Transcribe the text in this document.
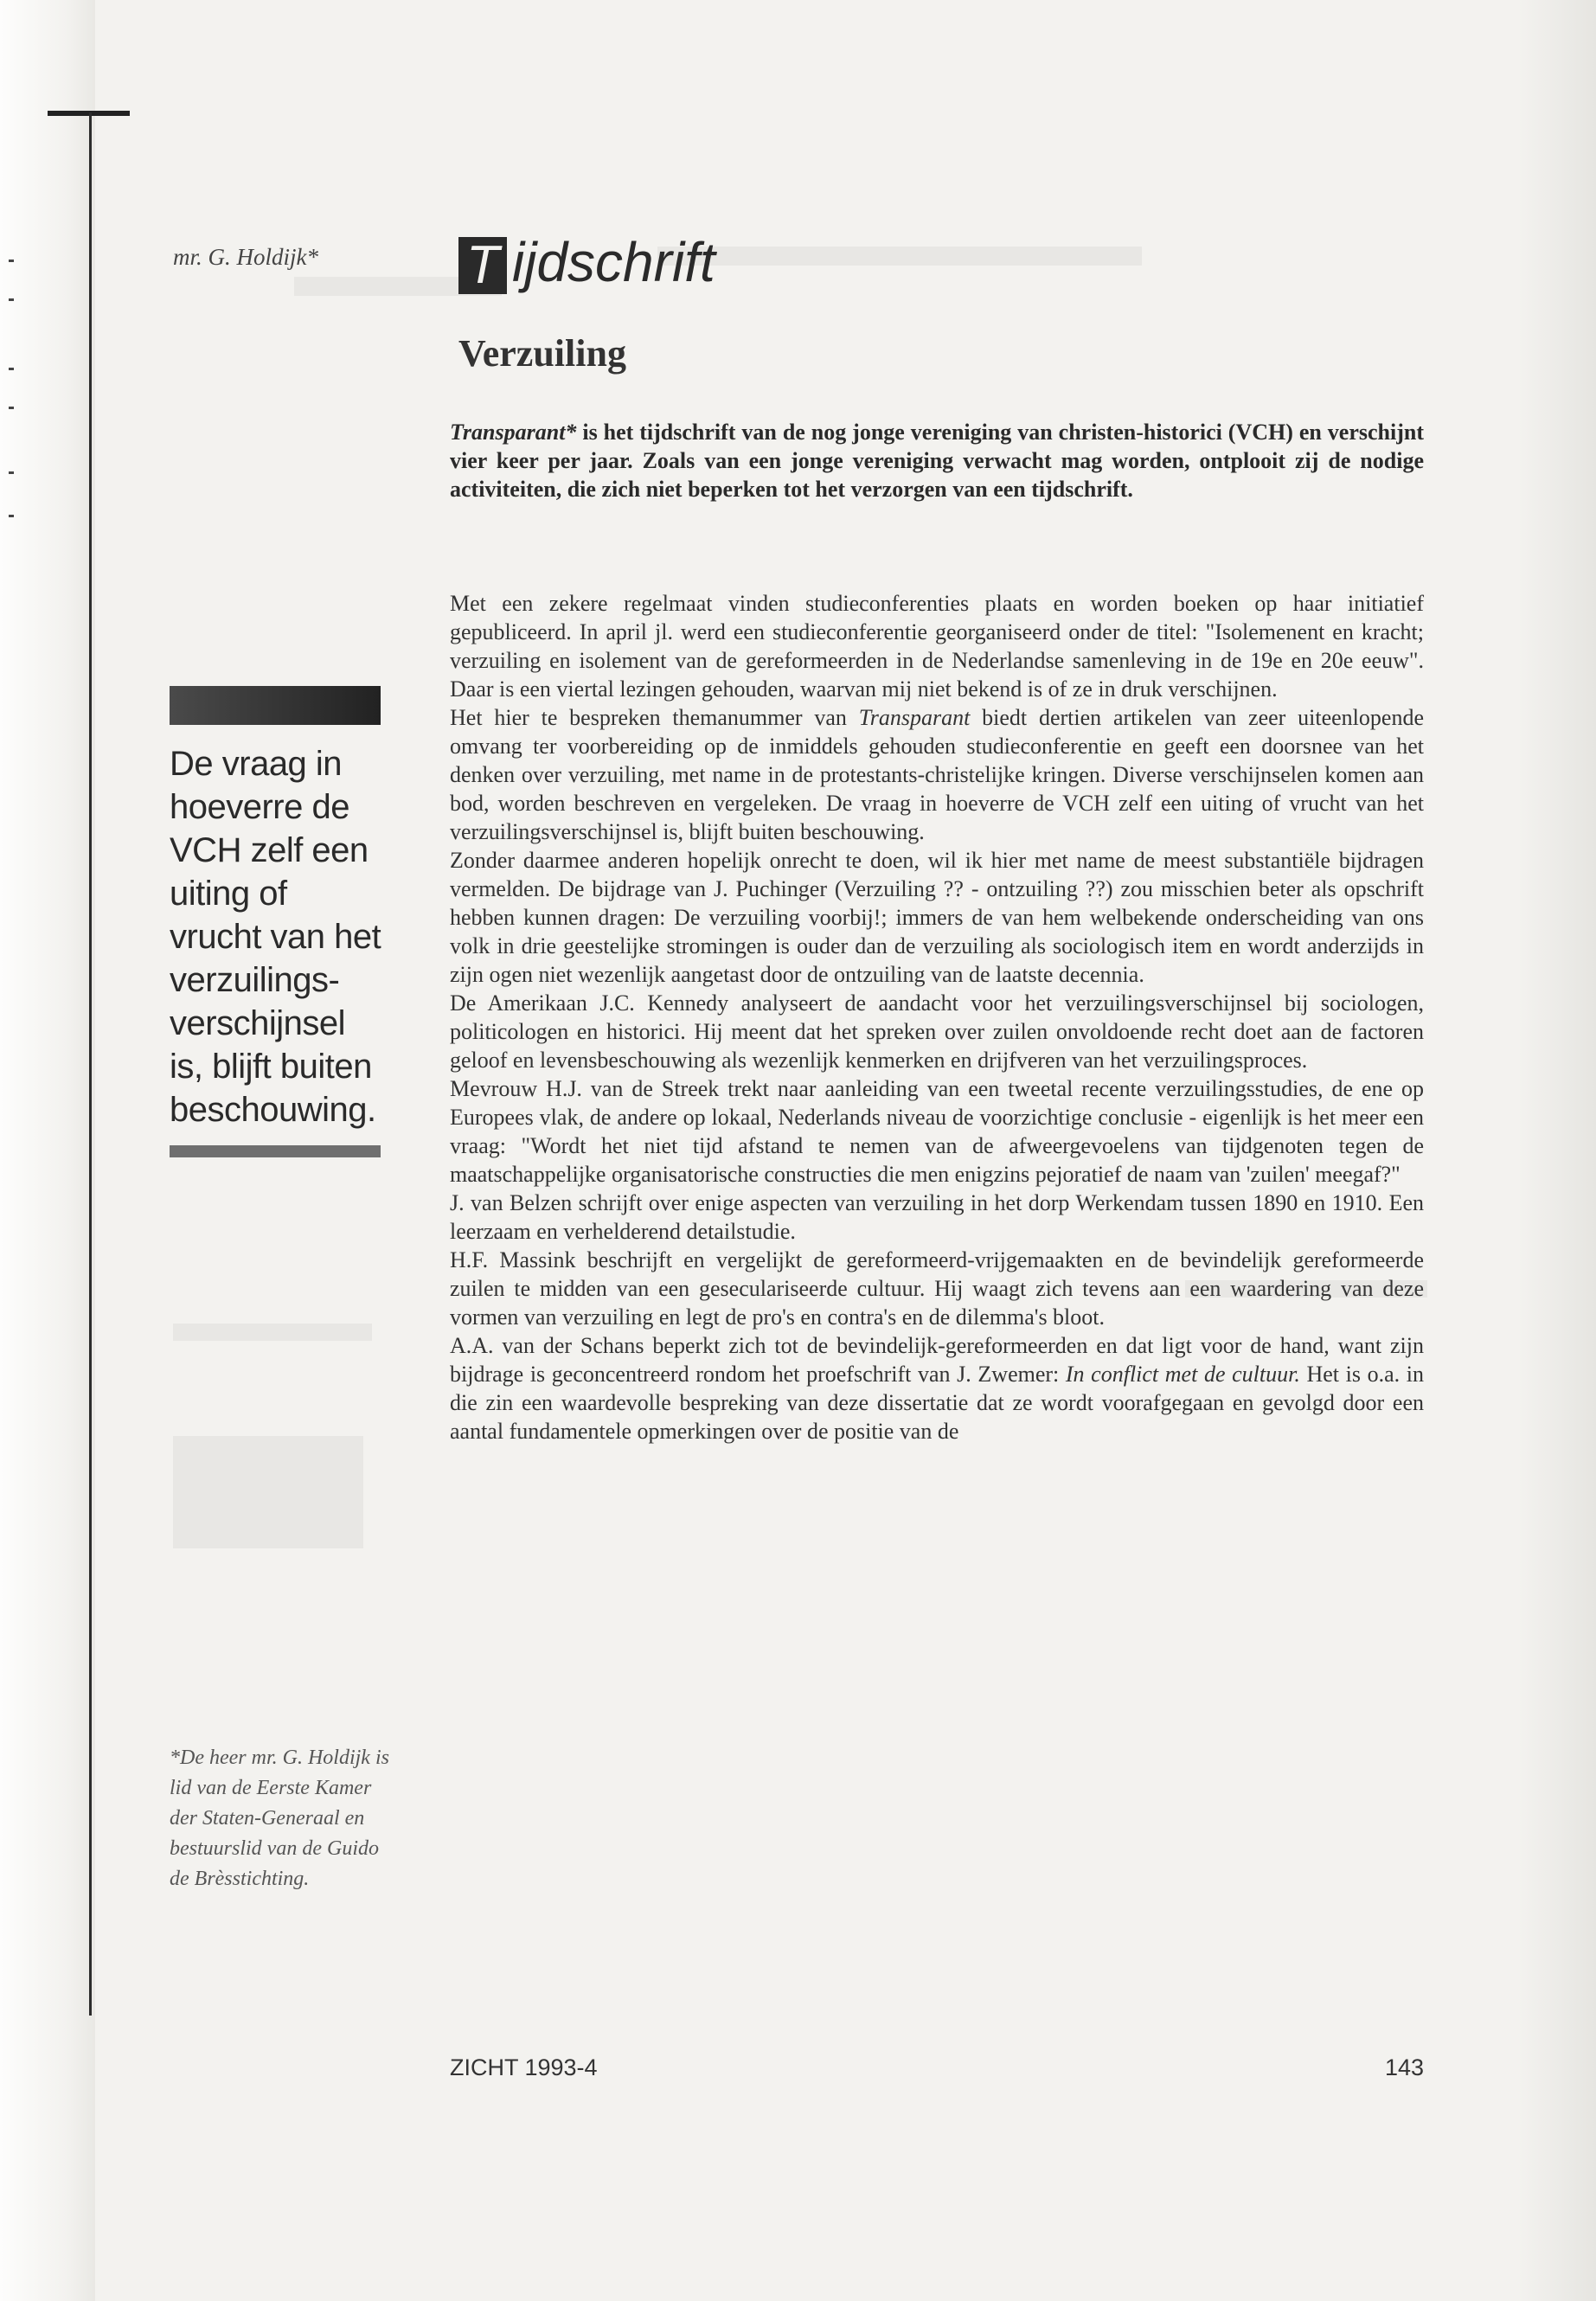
mr. G. Holdijk*
De vraag in hoeverre de VCH zelf een uiting of vrucht van het verzuilingsverschijnsel is, blijft buiten beschouwing.
*De heer mr. G. Holdijk is lid van de Eerste Kamer der Staten-Generaal en bestuurslid van de Guido de Brèsstichting.
T ijdschrift
Verzuiling
Transparant* is het tijdschrift van de nog jonge vereniging van christen-historici (VCH) en verschijnt vier keer per jaar. Zoals van een jonge vereniging verwacht mag worden, ontplooit zij de nodige activiteiten, die zich niet beperken tot het verzorgen van een tijdschrift.

Met een zekere regelmaat vinden studieconferenties plaats en worden boeken op haar initiatief gepubliceerd. In april jl. werd een studieconferentie georganiseerd onder de titel: "Isolemenent en kracht; verzuiling en isolement van de gereformeerden in de Nederlandse samenleving in de 19e en 20e eeuw". Daar is een viertal lezingen gehouden, waarvan mij niet bekend is of ze in druk verschijnen.

Het hier te bespreken themanummer van Transparant biedt dertien artikelen van zeer uiteenlopende omvang ter voorbereiding op de inmiddels gehouden studieconferentie en geeft een doorsnee van het denken over verzuiling, met name in de protestants-christelijke kringen. Diverse verschijnselen komen aan bod, worden beschreven en vergeleken. De vraag in hoeverre de VCH zelf een uiting of vrucht van het verzuilingsverschijnsel is, blijft buiten beschouwing.

Zonder daarmee anderen hopelijk onrecht te doen, wil ik hier met name de meest substantiële bijdragen vermelden. De bijdrage van J. Puchinger (Verzuiling ?? - ontzuiling ??) zou misschien beter als opschrift hebben kunnen dragen: De verzuiling voorbij!; immers de van hem welbekende onderscheiding van ons volk in drie geestelijke stromingen is ouder dan de verzuiling als sociologisch item en wordt anderzijds in zijn ogen niet wezenlijk aangetast door de ontzuiling van de laatste decennia.

De Amerikaan J.C. Kennedy analyseert de aandacht voor het verzuilingsverschijnsel bij sociologen, politicologen en historici. Hij meent dat het spreken over zuilen onvoldoende recht doet aan de factoren geloof en levensbeschouwing als wezenlijk kenmerken en drijfveren van het verzuilingsproces.

Mevrouw H.J. van de Streek trekt naar aanleiding van een tweetal recente verzuilingsstudies, de ene op Europees vlak, de andere op lokaal, Nederlands niveau de voorzichtige conclusie - eigenlijk is het meer een vraag: "Wordt het niet tijd afstand te nemen van de afweergevoelens van tijdgenoten tegen de maatschappelijke organisatorische constructies die men enigzins pejoratief de naam van 'zuilen' meegaf?"

J. van Belzen schrijft over enige aspecten van verzuiling in het dorp Werkendam tussen 1890 en 1910. Een leerzaam en verhelderend detailstudie.

H.F. Massink beschrijft en vergelijkt de gereformeerd-vrijgemaakten en de bevindelijk gereformeerde zuilen te midden van een geseculariseerde cultuur. Hij waagt zich tevens aan een waardering van deze vormen van verzuiling en legt de pro's en contra's en de dilemma's bloot.

A.A. van der Schans beperkt zich tot de bevindelijk-gereformeerden en dat ligt voor de hand, want zijn bijdrage is geconcentreerd rondom het proefschrift van J. Zwemer: In conflict met de cultuur. Het is o.a. in die zin een waardevolle bespreking van deze dissertatie dat ze wordt voorafgegaan en gevolgd door een aantal fundamentele opmerkingen over de positie van de

ZICHT 1993-4	143
